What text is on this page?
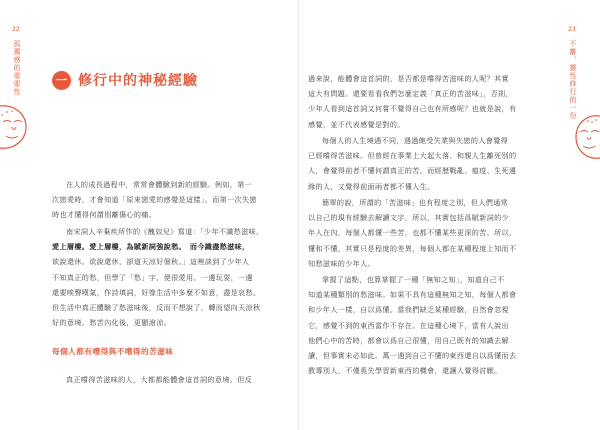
孤獨感的重要性
22
一 修行中的神秘經驗
在人的成長過程中，常常會體驗到新的經驗。例如，第一
次戀愛時，才會知道「原來戀愛的感覺是這樣」。而第一次失戀
時也才懂得何謂別離傷心的痛。
南宋詞人辛棄疾所作的《醜奴兒》寫道：「少年不識愁滋味，
愛上層樓。愛上層樓，為賦新詞強說愁。　而今識盡愁滋味，
欲說還休。欲說還休，卻道天涼好個秋。」這裡談到了少年人
不知真正的愁，但學了「愁」字，便很愛用。一邊玩耍，一邊
還要唉聲嘆氣，作詩填詞，好像生活中多麼不如意，盡是哀愁。
但生活中真正體驗了愁滋味後，反而不想說了，轉而望向天涼秋
好的意境。愁苦內化後，更顯滄涼。
每個人都有嚐得與不嚐得的苦滋味
真正嚐得苦滋味的人，大都都能體會這首詞的意境。但反
不離，靈性修行的一份
23
過來說，能體會這首詞的，是否都是嚐得苦滋味的人呢？其實
這大有問題。還要看看我們怎麼定義「真正的苦滋味」，否則，
少年人看到這首詞又何嘗不覺得自己也有所感呢？也就是說，有
感覺，並不代表感覺是對的。
每個人的人生境遇不同，遇過飽受失業與失戀的人會覺得
已經嚐得苦滋味。但曾經在事業上大起大落、和親人生離死別的
人，會覺得前者不懂何謂真正的苦。而經歷戰亂、瘟疫、生死邊
緣的人，又覺得前面兩者都不懂人生。
簡單的說，所謂的「苦滋味」也有程度之別，但人們通常
以自己的現有經驗去解讀文字，所以，其實包括爲賦新詞的少
年人在內，每個人都懂一些苦，也都不懂某些更深的苦。所以，
懂和不懂，其實只是程度的差異，每個人都在某種程度上知而不
知愁滋味的少年人。
掌握了這點，也算掌握了一種「無知之知」，知道自己不
知道某種類別的愁滋味。如果不具有這種無知之知，每個人都會
和少年人一樣，自以爲懂。當我們缺乏某種經驗，自然會忽視
它，感覺不到的東西當作不存在。在這種心境下，當有人說出
他們心中的苦時，都會以爲自己很懂，用自己既有的知識去解
讀，但事實未必如此。萬一遇到自己不懂的東西還自以爲懂而去
教導別人，不僅喪失學習新東西的機會，還讓人覺得討厭。
